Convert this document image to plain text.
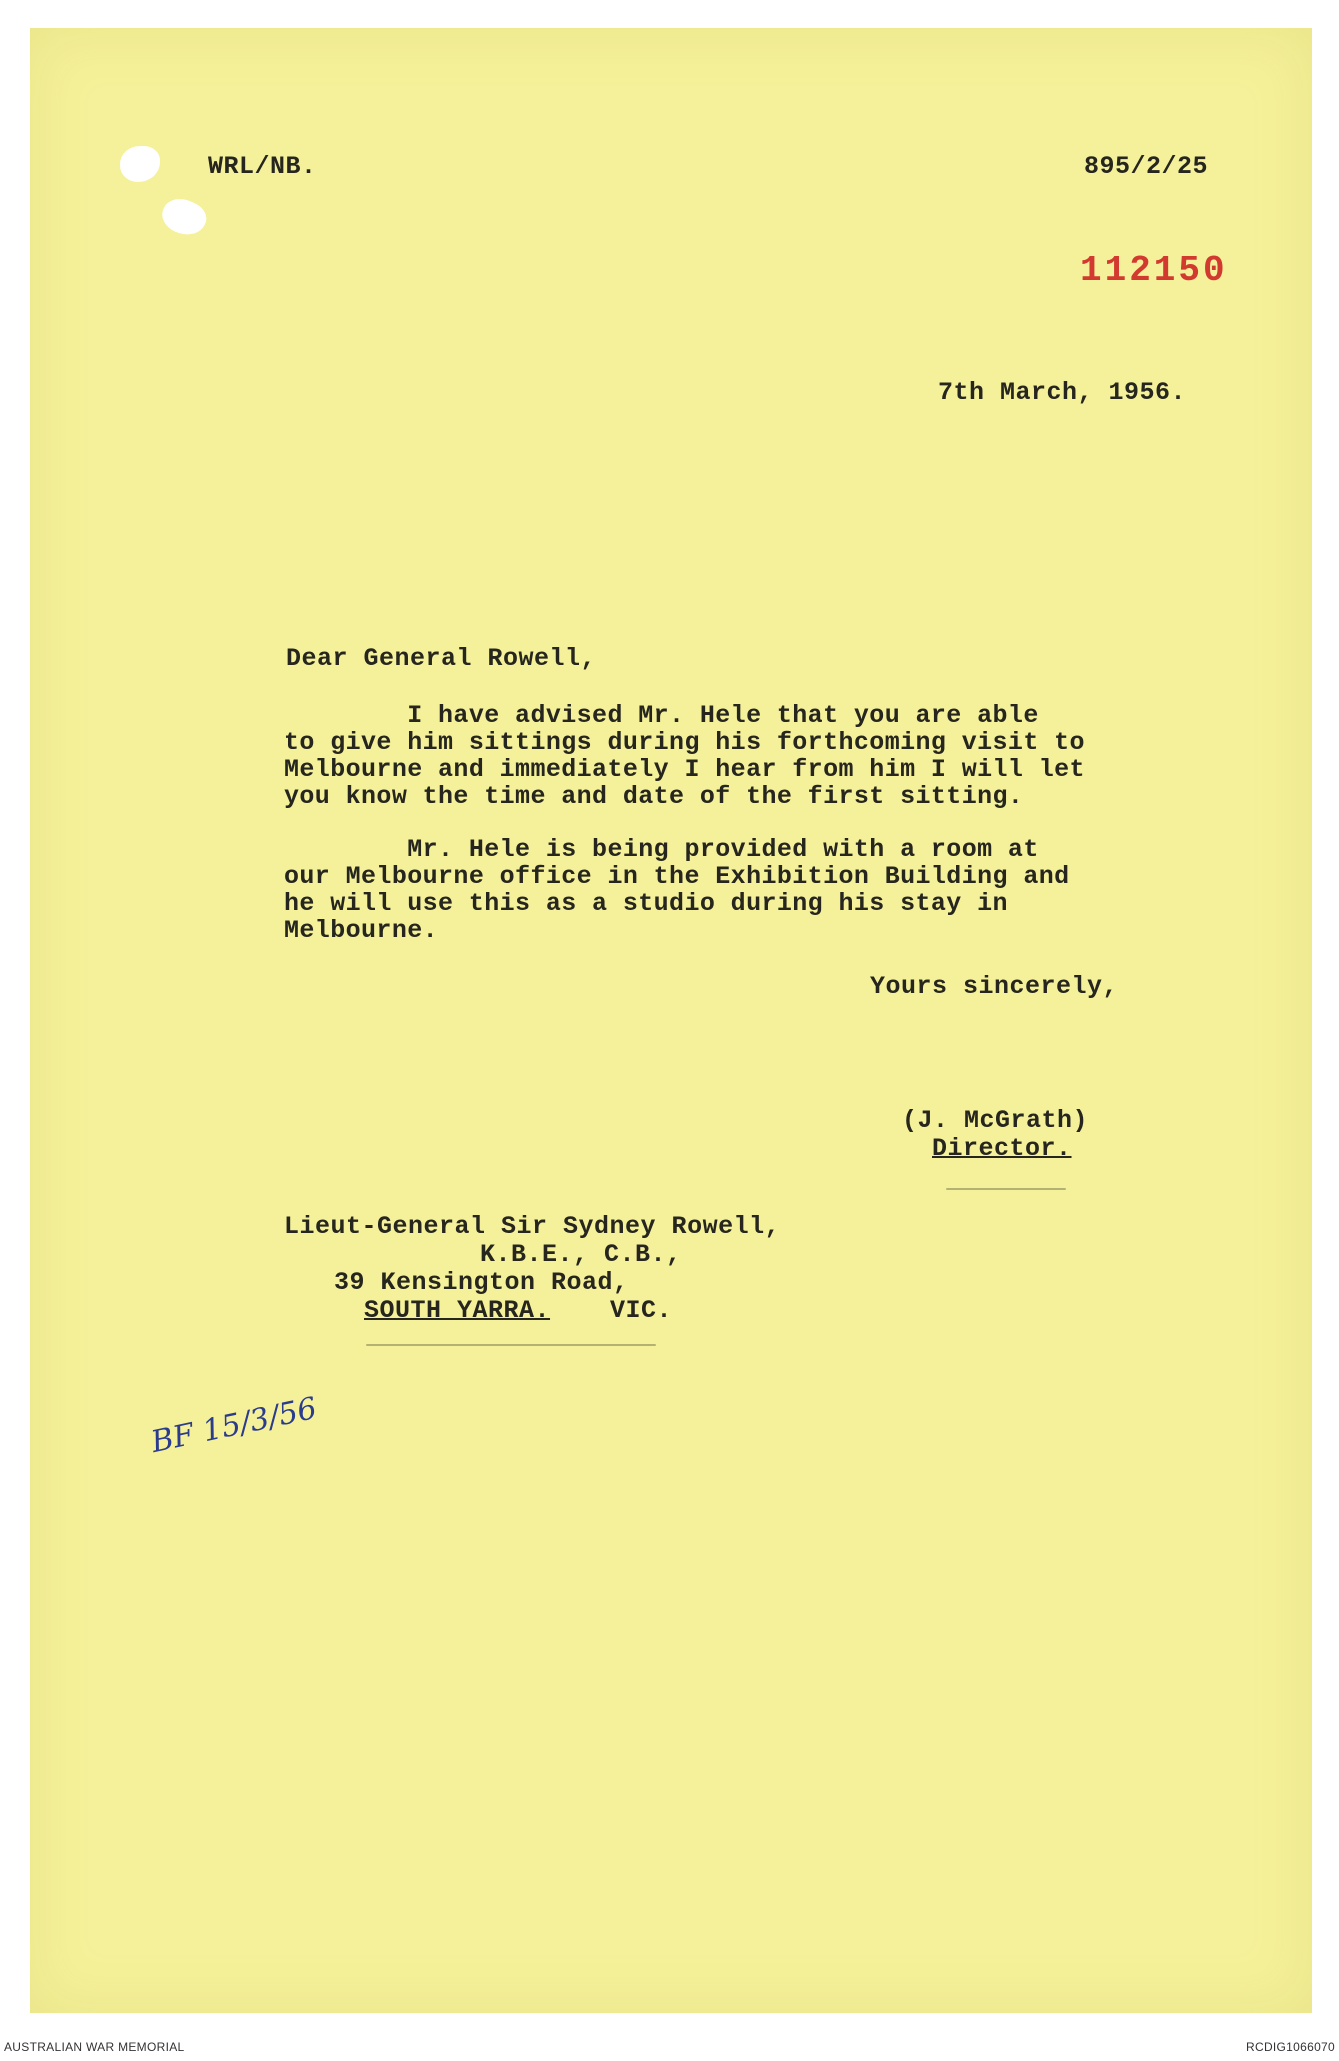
WRL/NB.	895/2/25
112150
7th March, 1956.
Dear General Rowell,
I have advised Mr. Hele that you are able
to give him sittings during his forthcoming visit to
Melbourne and immediately I hear from him I will let
you know the time and date of the first sitting.
Mr. Hele is being provided with a room at
our Melbourne office in the Exhibition Building and
he will use this as a studio during his stay in
Melbourne.
Yours sincerely,
(J. McGrath)
Director.
Lieut-General Sir Sydney Rowell,
K.B.E., C.B.,
39 Kensington Road,
SOUTH YARRA. VIC.
BF 15/3/56
AUSTRALIAN WAR MEMORIAL	RCDIG1066070
